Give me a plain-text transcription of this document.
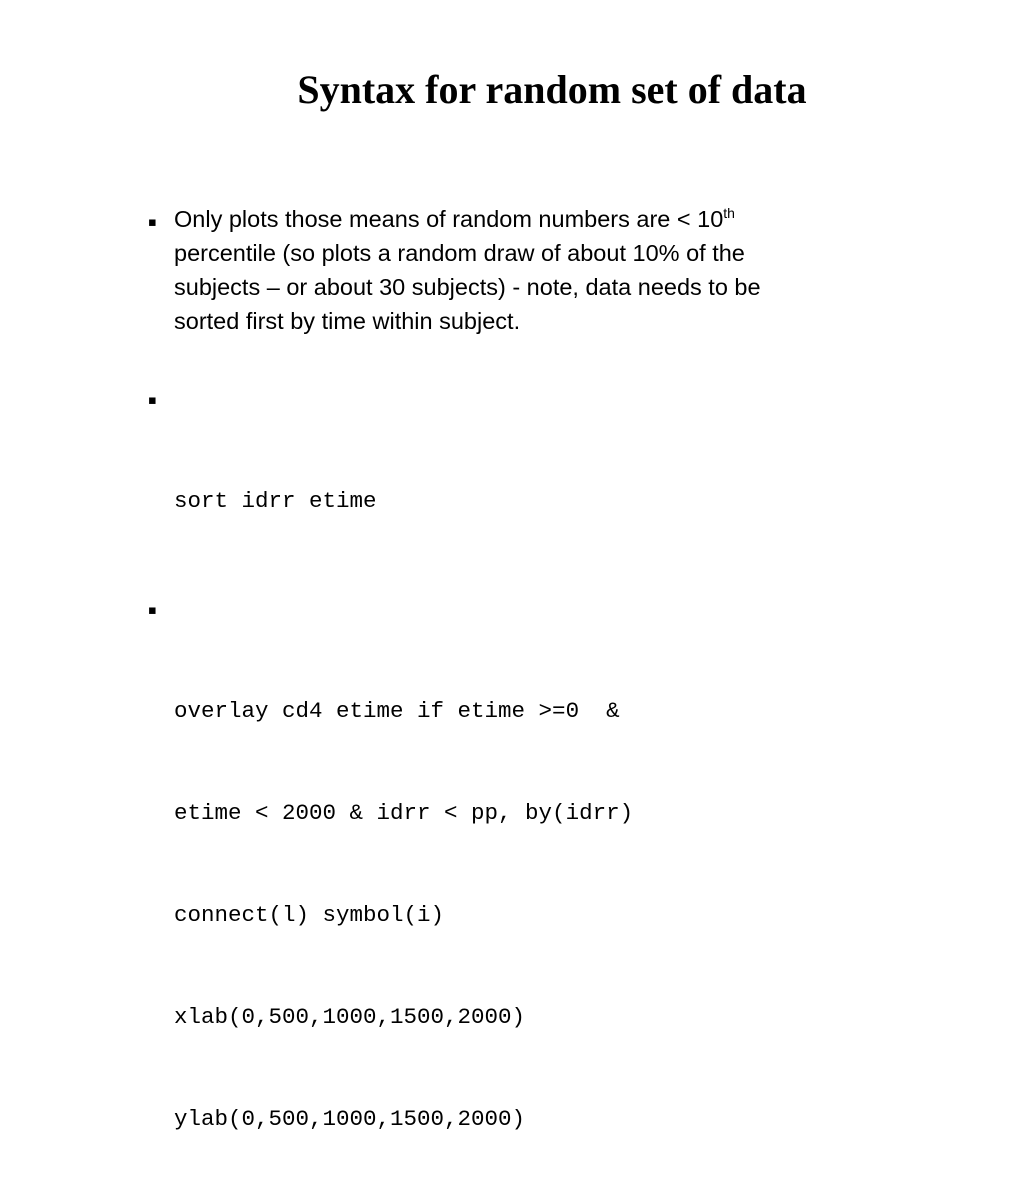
Syntax for random set of data
▪ Only plots those means of random numbers are < 10th percentile (so plots a random draw of about 10% of the subjects – or about 30 subjects) - note, data needs to be sorted first by time within subject.

▪

sort idrr etime

▪

overlay cd4 etime if etime >=0  &

etime < 2000 & idrr < pp, by(idrr)

connect(l) symbol(i)

xlab(0,500,1000,1500,2000)

ylab(0,500,1000,1500,2000)
